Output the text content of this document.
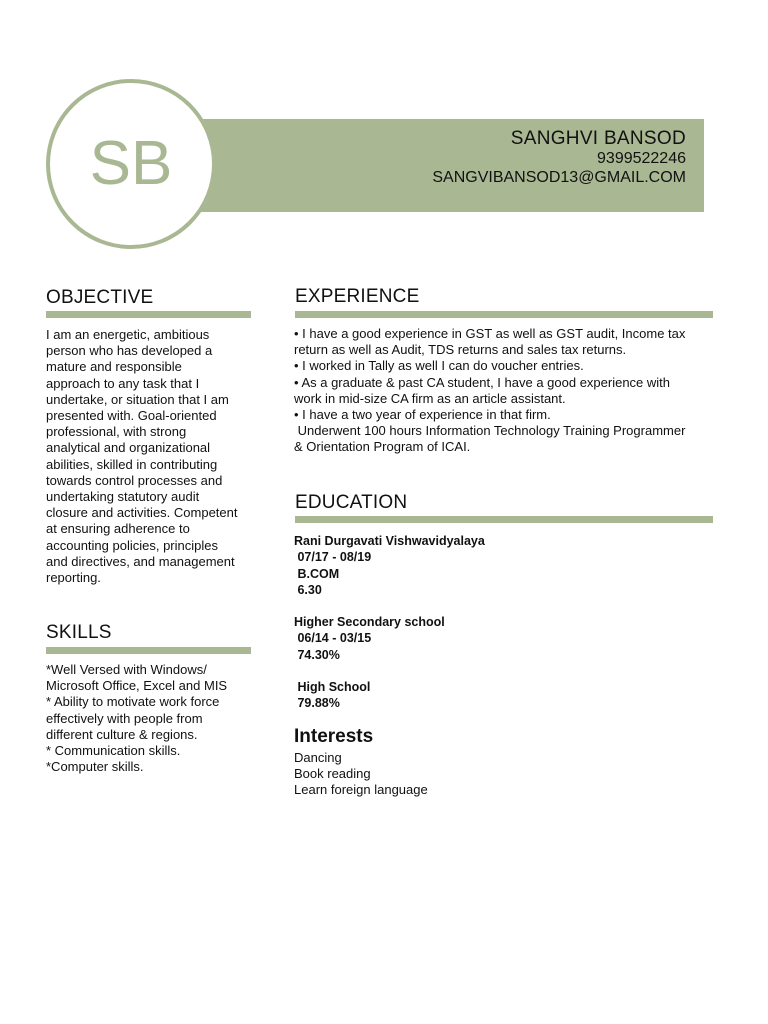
SB	SANGHVI BANSOD
9399522246
SANGVIBANSOD13@GMAIL.COM
OBJECTIVE
I am an energetic, ambitious
person who has developed a
mature and responsible
approach to any task that I
undertake, or situation that I am
presented with. Goal-oriented
professional, with strong
analytical and organizational
abilities, skilled in contributing
towards control processes and
undertaking statutory audit
closure and activities. Competent
at ensuring adherence to
accounting policies, principles
and directives, and management
reporting.
SKILLS
*Well Versed with Windows/
Microsoft Office, Excel and MIS
* Ability to motivate work force
effectively with people from
different culture & regions.
* Communication skills.
*Computer skills.
EXPERIENCE
• I have a good experience in GST as well as GST audit, Income tax
return as well as Audit, TDS returns and sales tax returns.
• I worked in Tally as well I can do voucher entries.
• As a graduate & past CA student, I have a good experience with
work in mid-size CA firm as an article assistant.
• I have a two year of experience in that firm.
Underwent 100 hours Information Technology Training Programmer
& Orientation Program of ICAI.
EDUCATION
Rani Durgavati Vishwavidyalaya
07/17 - 08/19
B.COM
6.30
Higher Secondary school
06/14 - 03/15
74.30%
High School
79.88%
Interests
Dancing
Book reading
Learn foreign language
